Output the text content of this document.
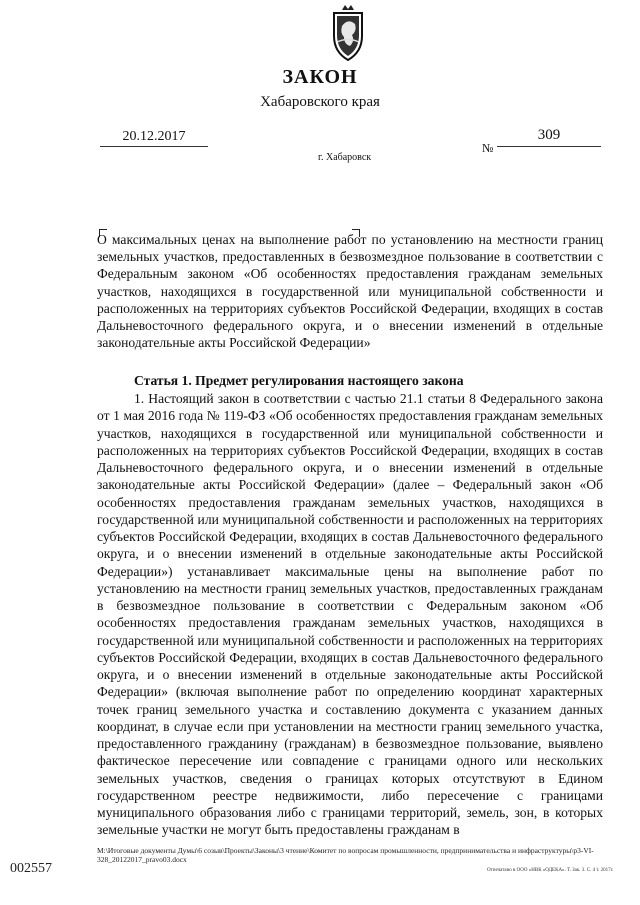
ЗАКОН
Хабаровского края
20.12.2017
№
309
г. Хабаровск
О максимальных ценах на выполнение работ по установлению на местности границ земельных участков, предоставленных в безвозмездное пользование в соответствии с Федеральным законом «Об особенностях предоставления гражданам земельных участков, находящихся в государственной или муниципальной собственности и расположенных на территориях субъектов Российской Федерации, входящих в состав Дальневосточного федерального округа, и о внесении изменений в отдельные законодательные акты Российской Федерации»
Статья 1. Предмет регулирования настоящего закона
1. Настоящий закон в соответствии с частью 21.1 статьи 8 Федерального закона от 1 мая 2016 года № 119-ФЗ «Об особенностях предоставления гражданам земельных участков, находящихся в государственной или муниципальной собственности и расположенных на территориях субъектов Российской Федерации, входящих в состав Дальневосточного федерального округа, и о внесении изменений в отдельные законодательные акты Российской Федерации» (далее – Федеральный закон «Об особенностях предоставления гражданам земельных участков, находящихся в государственной или муниципальной собственности и расположенных на территориях субъектов Российской Федерации, входящих в состав Дальневосточного федерального округа, и о внесении изменений в отдельные законодательные акты Российской Федерации») устанавливает максимальные цены на выполнение работ по установлению на местности границ земельных участков, предоставленных гражданам в безвозмездное пользование в соответствии с Федеральным законом «Об особенностях предоставления гражданам земельных участков, находящихся в государственной или муниципальной собственности и расположенных на территориях субъектов Российской Федерации, входящих в состав Дальневосточного федерального округа, и о внесении изменений в отдельные законодательные акты Российской Федерации» (включая выполнение работ по определению координат характерных точек границ земельного участка и составлению документа с указанием данных координат, в случае если при установлении на местности границ земельного участка, предоставленного гражданину (гражданам) в безвозмездное пользование, выявлено фактическое пересечение или совпадение с границами одного или нескольких земельных участков, сведения о границах которых отсутствуют в Едином государственном реестре недвижимости, либо пересечение с границами муниципального образования либо с границами территорий, земель, зон, в которых земельные участки не могут быть предоставлены гражданам в
M:\Итоговые документы Думы\6 созыв\Проекты\Законы\3 чтение\Комитет по вопросам промышленности, предпринимательства и инфраструктуры\р3-VI-328_20122017_pravo03.docx
002557	Отпечатано в ООО «НВК «ОДЕКА». Т. Зак. 3. С. 4 т. 2017г.
